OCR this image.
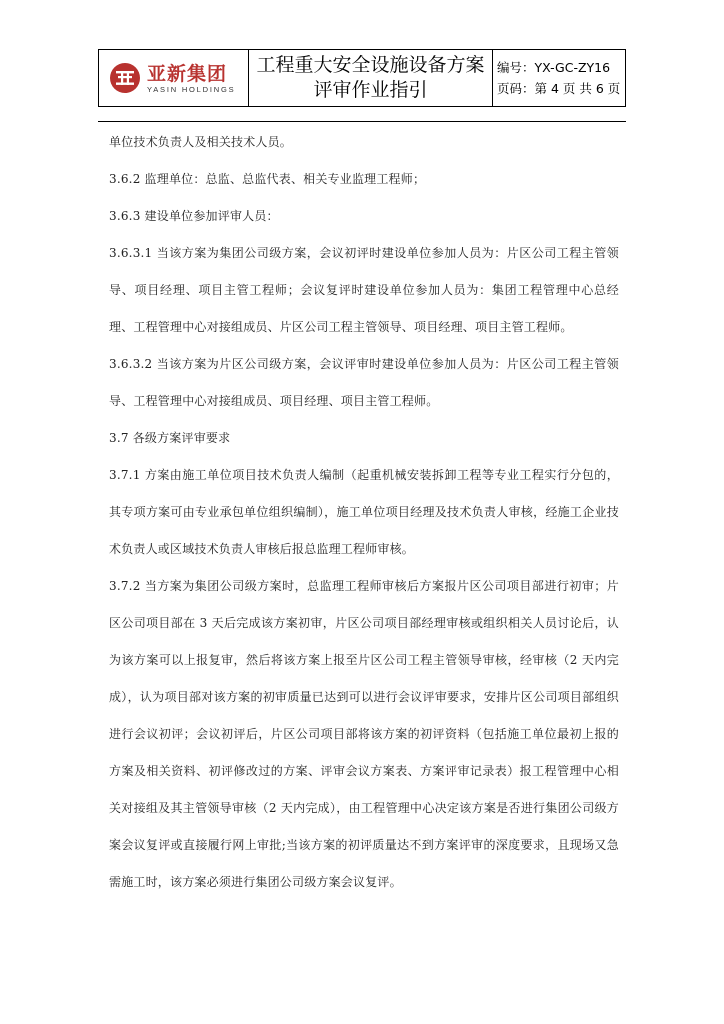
亚新集团
YASIN HOLDINGS
工程重大安全设施设备方案
评审作业指引
编号：YX-GC-ZY16
页码：第 4 页 共 6 页

单位技术负责人及相关技术人员。

3.6.2 监理单位：总监、总监代表、相关专业监理工程师；

3.6.3 建设单位参加评审人员：

3.6.3.1 当该方案为集团公司级方案，会议初评时建设单位参加人员为：片区公司工程主管领导、项目经理、项目主管工程师；会议复评时建设单位参加人员为：集团工程管理中心总经理、工程管理中心对接组成员、片区公司工程主管领导、项目经理、项目主管工程师。

3.6.3.2 当该方案为片区公司级方案，会议评审时建设单位参加人员为：片区公司工程主管领导、工程管理中心对接组成员、项目经理、项目主管工程师。

3.7 各级方案评审要求

3.7.1 方案由施工单位项目技术负责人编制（起重机械安装拆卸工程等专业工程实行分包的，其专项方案可由专业承包单位组织编制），施工单位项目经理及技术负责人审核，经施工企业技术负责人或区域技术负责人审核后报总监理工程师审核。

3.7.2 当方案为集团公司级方案时，总监理工程师审核后方案报片区公司项目部进行初审；片区公司项目部在 3 天后完成该方案初审，片区公司项目部经理审核或组织相关人员讨论后，认为该方案可以上报复审，然后将该方案上报至片区公司工程主管领导审核，经审核（2 天内完成），认为项目部对该方案的初审质量已达到可以进行会议评审要求，安排片区公司项目部组织进行会议初评；会议初评后，片区公司项目部将该方案的初评资料（包括施工单位最初上报的方案及相关资料、初评修改过的方案、评审会议方案表、方案评审记录表）报工程管理中心相关对接组及其主管领导审核（2 天内完成），由工程管理中心决定该方案是否进行集团公司级方案会议复评或直接履行网上审批;当该方案的初评质量达不到方案评审的深度要求，且现场又急需施工时，该方案必须进行集团公司级方案会议复评。
